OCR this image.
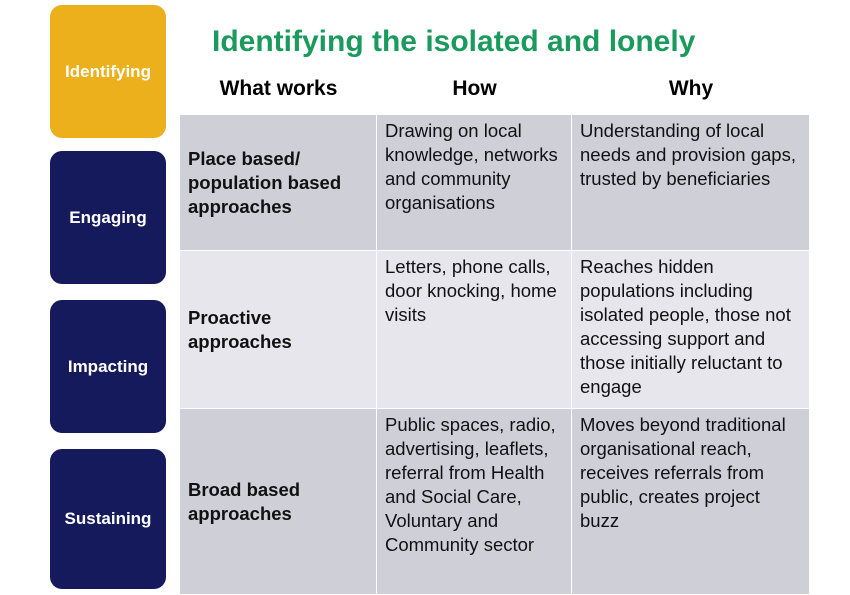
Identifying
Engaging
Impacting
Sustaining
Identifying the isolated and lonely
What works	How	Why
Place based/ population based approaches
Drawing on local knowledge, networks and community organisations
Understanding of local needs and provision gaps, trusted by beneficiaries
Proactive approaches
Letters, phone calls, door knocking, home visits
Reaches hidden populations including isolated people, those not accessing support and those initially reluctant to engage
Broad based approaches
Public spaces, radio, advertising, leaflets, referral from Health and Social Care, Voluntary and Community sector
Moves beyond traditional organisational reach, receives referrals from public, creates project buzz
